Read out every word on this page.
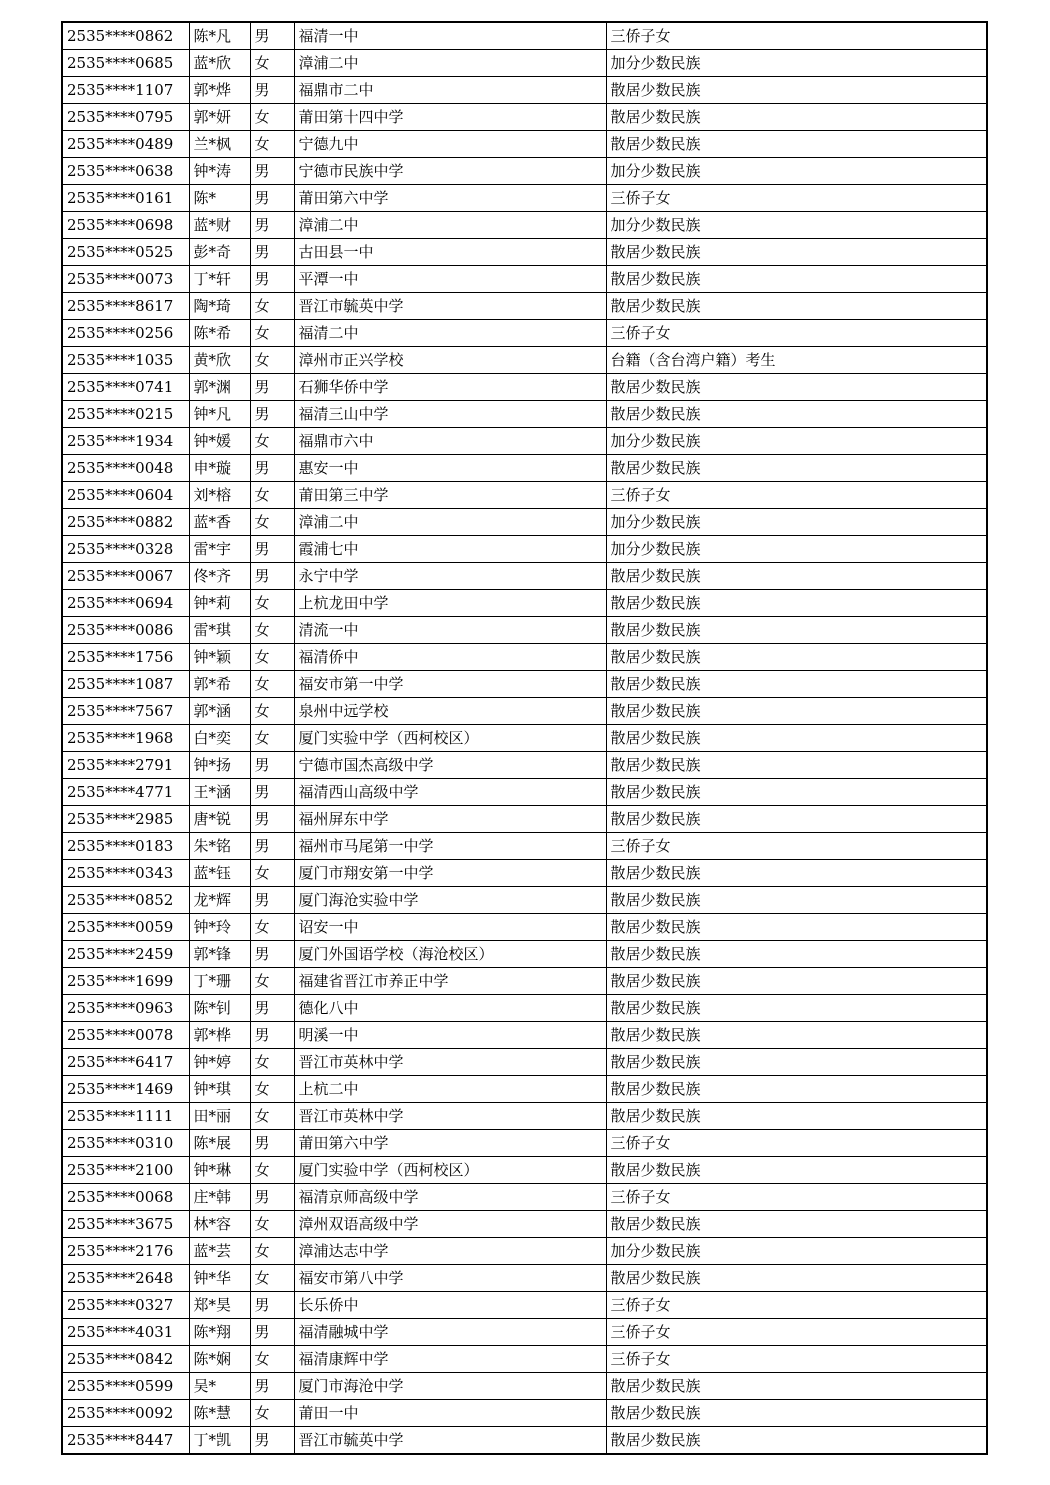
2535****0862	陈*凡	男	福清一中	三侨子女
2535****0685	蓝*欣	女	漳浦二中	加分少数民族
2535****1107	郭*烨	男	福鼎市二中	散居少数民族
2535****0795	郭*妍	女	莆田第十四中学	散居少数民族
2535****0489	兰*枫	女	宁德九中	散居少数民族
2535****0638	钟*涛	男	宁德市民族中学	加分少数民族
2535****0161	陈*	男	莆田第六中学	三侨子女
2535****0698	蓝*财	男	漳浦二中	加分少数民族
2535****0525	彭*奇	男	古田县一中	散居少数民族
2535****0073	丁*轩	男	平潭一中	散居少数民族
2535****8617	陶*琦	女	晋江市毓英中学	散居少数民族
2535****0256	陈*希	女	福清二中	三侨子女
2535****1035	黄*欣	女	漳州市正兴学校	台籍（含台湾户籍）考生
2535****0741	郭*渊	男	石狮华侨中学	散居少数民族
2535****0215	钟*凡	男	福清三山中学	散居少数民族
2535****1934	钟*媛	女	福鼎市六中	加分少数民族
2535****0048	申*璇	男	惠安一中	散居少数民族
2535****0604	刘*榕	女	莆田第三中学	三侨子女
2535****0882	蓝*香	女	漳浦二中	加分少数民族
2535****0328	雷*宇	男	霞浦七中	加分少数民族
2535****0067	佟*齐	男	永宁中学	散居少数民族
2535****0694	钟*莉	女	上杭龙田中学	散居少数民族
2535****0086	雷*琪	女	清流一中	散居少数民族
2535****1756	钟*颖	女	福清侨中	散居少数民族
2535****1087	郭*希	女	福安市第一中学	散居少数民族
2535****7567	郭*涵	女	泉州中远学校	散居少数民族
2535****1968	白*奕	女	厦门实验中学（西柯校区）	散居少数民族
2535****2791	钟*扬	男	宁德市国杰高级中学	散居少数民族
2535****4771	王*涵	男	福清西山高级中学	散居少数民族
2535****2985	唐*锐	男	福州屏东中学	散居少数民族
2535****0183	朱*铭	男	福州市马尾第一中学	三侨子女
2535****0343	蓝*钰	女	厦门市翔安第一中学	散居少数民族
2535****0852	龙*辉	男	厦门海沧实验中学	散居少数民族
2535****0059	钟*玲	女	诏安一中	散居少数民族
2535****2459	郭*锋	男	厦门外国语学校（海沧校区）	散居少数民族
2535****1699	丁*珊	女	福建省晋江市养正中学	散居少数民族
2535****0963	陈*钊	男	德化八中	散居少数民族
2535****0078	郭*桦	男	明溪一中	散居少数民族
2535****6417	钟*婷	女	晋江市英林中学	散居少数民族
2535****1469	钟*琪	女	上杭二中	散居少数民族
2535****1111	田*丽	女	晋江市英林中学	散居少数民族
2535****0310	陈*展	男	莆田第六中学	三侨子女
2535****2100	钟*琳	女	厦门实验中学（西柯校区）	散居少数民族
2535****0068	庄*韩	男	福清京师高级中学	三侨子女
2535****3675	林*容	女	漳州双语高级中学	散居少数民族
2535****2176	蓝*芸	女	漳浦达志中学	加分少数民族
2535****2648	钟*华	女	福安市第八中学	散居少数民族
2535****0327	郑*昊	男	长乐侨中	三侨子女
2535****4031	陈*翔	男	福清融城中学	三侨子女
2535****0842	陈*娴	女	福清康辉中学	三侨子女
2535****0599	吴*	男	厦门市海沧中学	散居少数民族
2535****0092	陈*慧	女	莆田一中	散居少数民族
2535****8447	丁*凯	男	晋江市毓英中学	散居少数民族
